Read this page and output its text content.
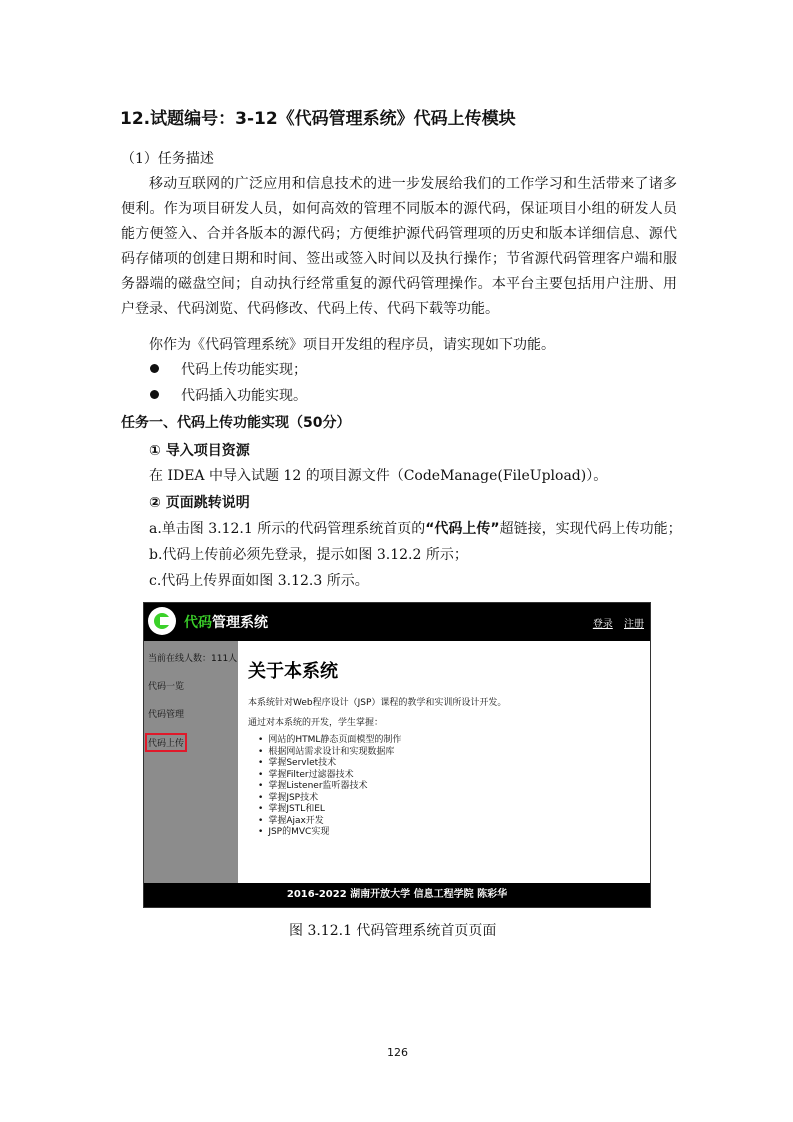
12.试题编号：3-12《代码管理系统》代码上传模块
（1）任务描述
移动互联网的广泛应用和信息技术的进一步发展给我们的工作学习和生活带来了诸多便利。作为项目研发人员，如何高效的管理不同版本的源代码，保证项目小组的研发人员能方便签入、合并各版本的源代码；方便维护源代码管理项的历史和版本详细信息、源代码存储项的创建日期和时间、签出或签入时间以及执行操作；节省源代码管理客户端和服务器端的磁盘空间；自动执行经常重复的源代码管理操作。本平台主要包括用户注册、用户登录、代码浏览、代码修改、代码上传、代码下载等功能。
你作为《代码管理系统》项目开发组的程序员，请实现如下功能。
代码上传功能实现；
代码插入功能实现。
任务一、代码上传功能实现（50分）
① 导入项目资源
在 IDEA 中导入试题 12 的项目源文件（CodeManage(FileUpload)）。
② 页面跳转说明
a.单击图 3.12.1 所示的代码管理系统首页的“代码上传”超链接，实现代码上传功能；
b.代码上传前必须先登录，提示如图 3.12.2 所示；
c.代码上传界面如图 3.12.3 所示。
代码管理系统	登录 注册
当前在线人数：111人
代码一览
代码管理
代码上传
关于本系统
本系统针对Web程序设计（JSP）课程的教学和实训所设计开发。
通过对本系统的开发，学生掌握：
• 网站的HTML静态页面模型的制作
• 根据网站需求设计和实现数据库
• 掌握Servlet技术
• 掌握Filter过滤器技术
• 掌握Listener监听器技术
• 掌握JSP技术
• 掌握JSTL和EL
• 掌握Ajax开发
• JSP的MVC实现
2016-2022 湖南开放大学 信息工程学院 陈彩华
图 3.12.1 代码管理系统首页页面
126
